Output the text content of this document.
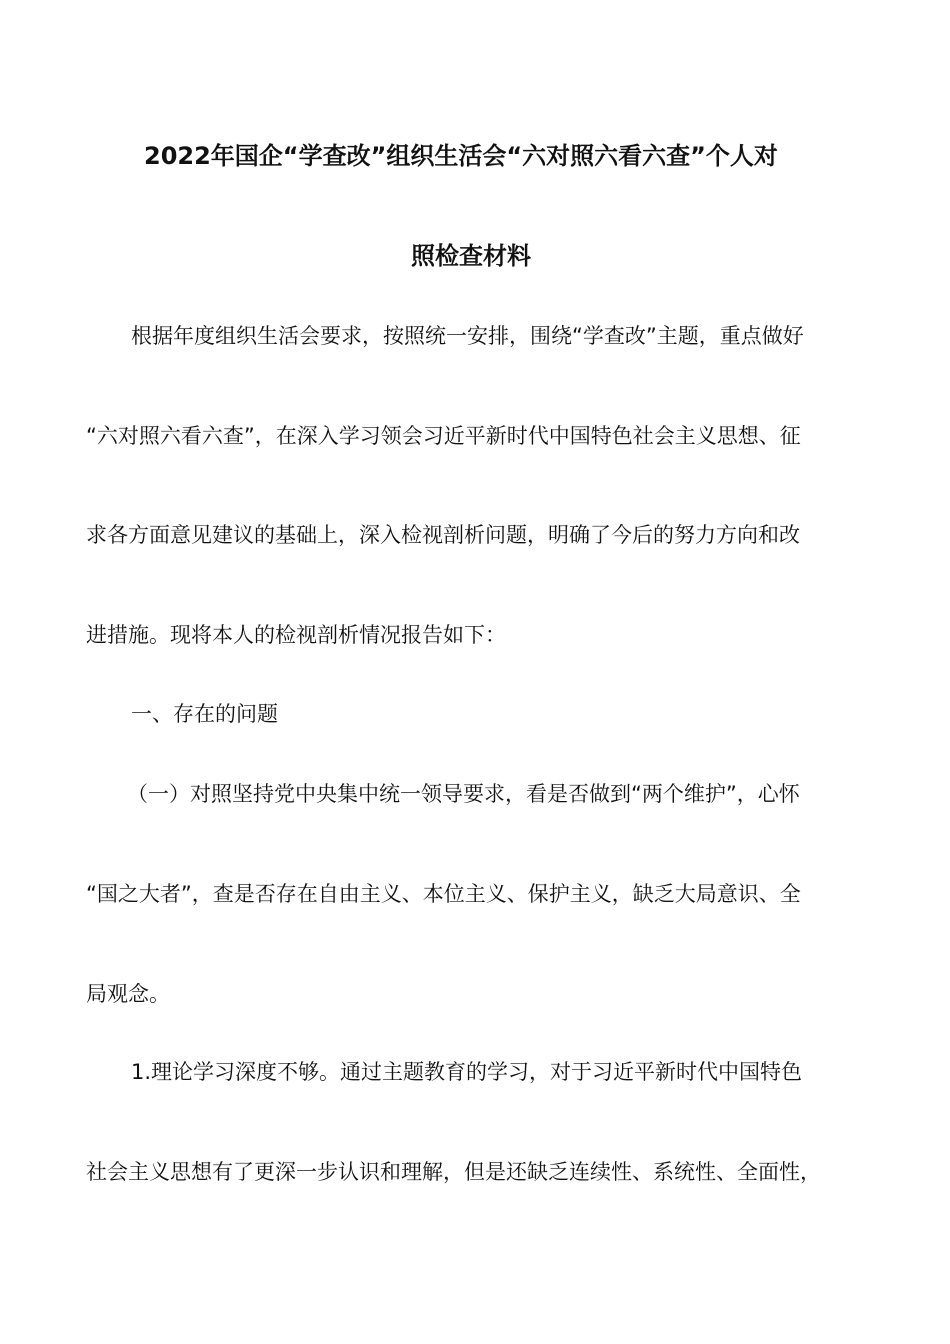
2022年国企“学查改”组织生活会“六对照六看六查”个人对
照检查材料
根据年度组织生活会要求，按照统一安排，围绕“学查改”主题，重点做好
“六对照六看六查”，在深入学习领会习近平新时代中国特色社会主义思想、征
求各方面意见建议的基础上，深入检视剖析问题，明确了今后的努力方向和改
进措施。现将本人的检视剖析情况报告如下：
一、存在的问题
（一）对照坚持党中央集中统一领导要求，看是否做到“两个维护”，心怀
“国之大者”，查是否存在自由主义、本位主义、保护主义，缺乏大局意识、全
局观念。
1.理论学习深度不够。通过主题教育的学习，对于习近平新时代中国特色
社会主义思想有了更深一步认识和理解，但是还缺乏连续性、系统性、全面性，
